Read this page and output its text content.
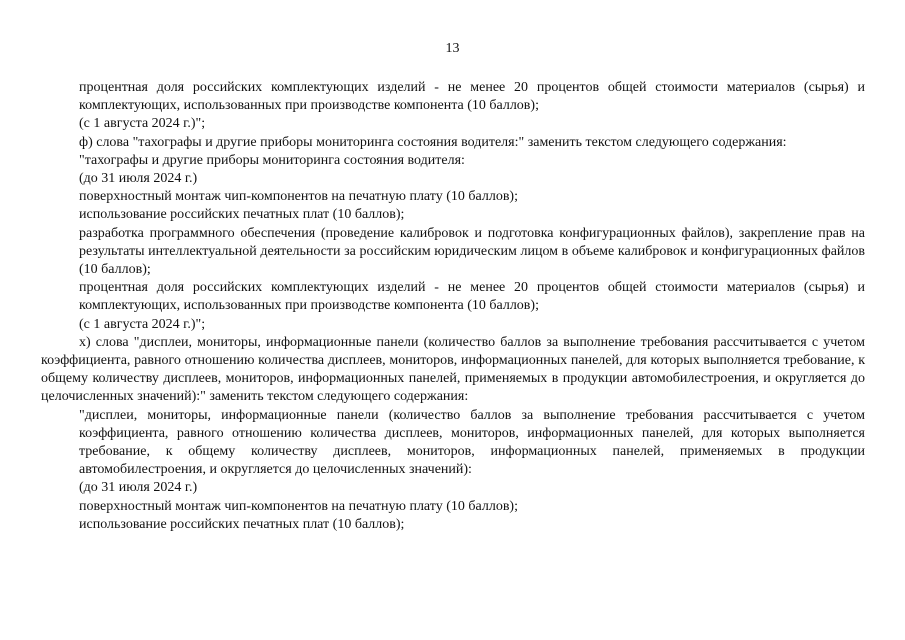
13

процентная доля российских комплектующих изделий - не менее 20 процентов общей стоимости материалов (сырья) и комплектующих, использованных при производстве компонента (10 баллов);

(с 1 августа 2024 г.)";

ф) слова "тахографы и другие приборы мониторинга состояния водителя:" заменить текстом следующего содержания:

"тахографы и другие приборы мониторинга состояния водителя:

(до 31 июля 2024 г.)

поверхностный монтаж чип-компонентов на печатную плату (10 баллов);

использование российских печатных плат (10 баллов);

разработка программного обеспечения (проведение калибровок и подготовка конфигурационных файлов), закрепление прав на результаты интеллектуальной деятельности за российским юридическим лицом в объеме калибровок и конфигурационных файлов (10 баллов);

процентная доля российских комплектующих изделий - не менее 20 процентов общей стоимости материалов (сырья) и комплектующих, использованных при производстве компонента (10 баллов);

(с 1 августа 2024 г.)";

х) слова "дисплеи, мониторы, информационные панели (количество баллов за выполнение требования рассчитывается с учетом коэффициента, равного отношению количества дисплеев, мониторов, информационных панелей, для которых выполняется требование, к общему количеству дисплеев, мониторов, информационных панелей, применяемых в продукции автомобилестроения, и округляется до целочисленных значений):" заменить текстом следующего содержания:

"дисплеи, мониторы, информационные панели (количество баллов за выполнение требования рассчитывается с учетом коэффициента, равного отношению количества дисплеев, мониторов, информационных панелей, для которых выполняется требование, к общему количеству дисплеев, мониторов, информационных панелей, применяемых в продукции автомобилестроения, и округляется до целочисленных значений):

(до 31 июля 2024 г.)

поверхностный монтаж чип-компонентов на печатную плату (10 баллов);

использование российских печатных плат (10 баллов);
